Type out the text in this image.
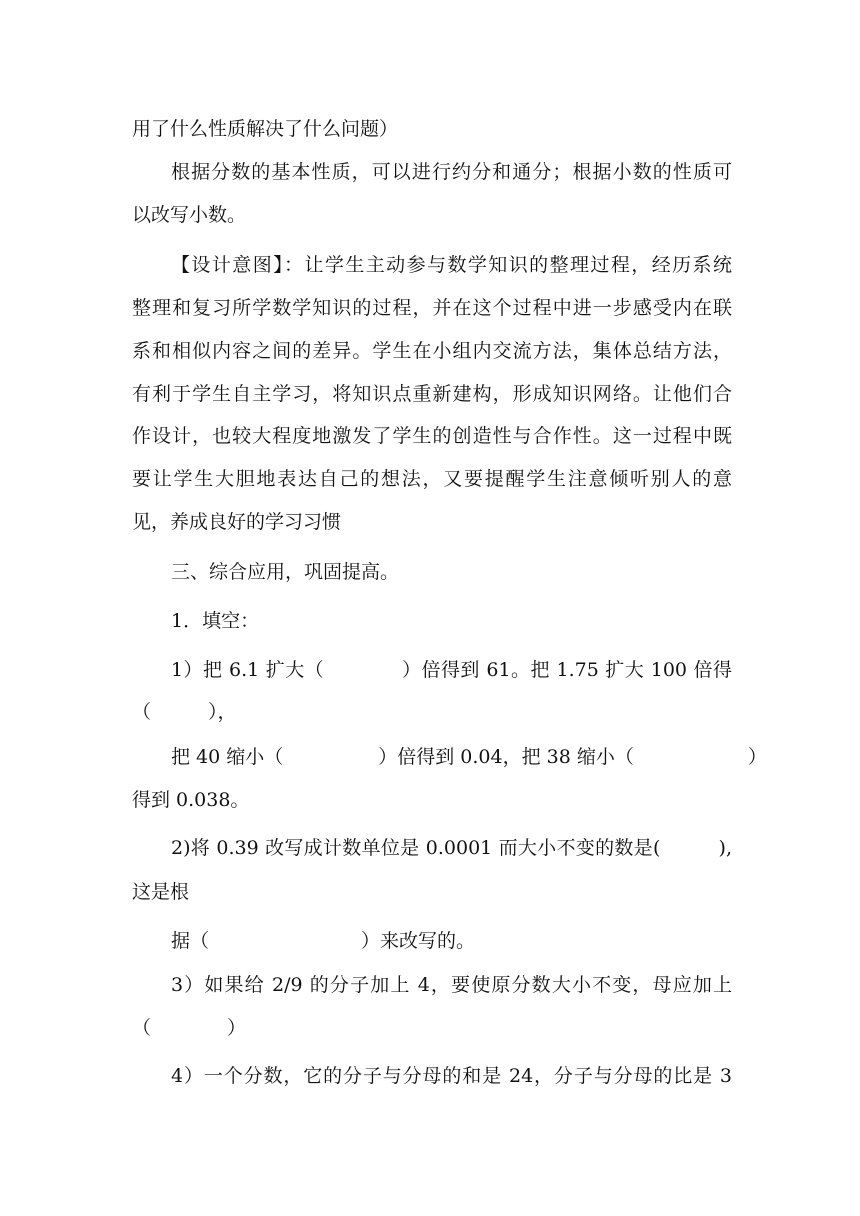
用了什么性质解决了什么问题）
根据分数的基本性质，可以进行约分和通分；根据小数的性质可
以改写小数。
【设计意图】：让学生主动参与数学知识的整理过程，经历系统
整理和复习所学数学知识的过程，并在这个过程中进一步感受内在联
系和相似内容之间的差异。学生在小组内交流方法，集体总结方法，
有利于学生自主学习，将知识点重新建构，形成知识网络。让他们合
作设计，也较大程度地激发了学生的创造性与合作性。这一过程中既
要让学生大胆地表达自己的想法，又要提醒学生注意倾听别人的意
见，养成良好的学习习惯
三、综合应用，巩固提高。
1．填空：
1）把 6.1 扩大（　　　　）倍得到 61。把 1.75 扩大 100 倍得
（　　　），
把 40 缩小（　　　　　）倍得到 0.04，把 38 缩小（　　　　　　）
得到 0.038。
2)将 0.39 改写成计数单位是 0.0001 而大小不变的数是(　　　),
这是根
据（　　　　　　　　）来改写的。
3）如果给 2/9 的分子加上 4，要使原分数大小不变，母应加上
（　　　　）
4）一个分数，它的分子与分母的和是 24，分子与分母的比是 3
